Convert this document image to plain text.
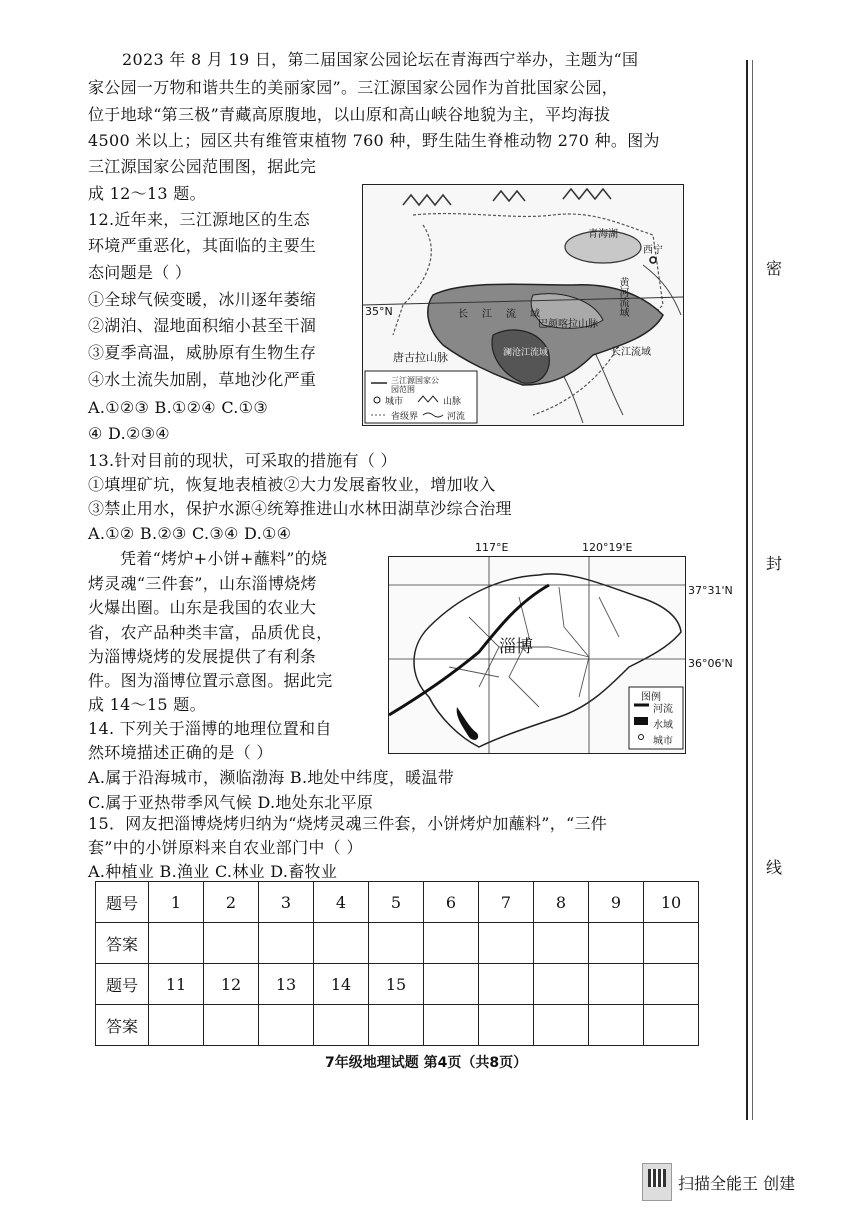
2023 年 8 月 19 日，第二届国家公园论坛在青海西宁举办，主题为“国
家公园一万物和谐共生的美丽家园”。三江源国家公园作为首批国家公园，
位于地球“第三极”青藏高原腹地，以山原和高山峡谷地貌为主，平均海拔
4500 米以上；园区共有维管束植物 760 种，野生陆生脊椎动物 270 种。图为
三江源国家公园范围图，据此完
成 12～13 题。
12.近年来，三江源地区的生态
环境严重恶化，其面临的主要生
态问题是（ ）
①全球气候变暖，冰川逐年萎缩
②湖泊、湿地面积缩小甚至干涸
③夏季高温，威胁原有生物生存
④水土流失加剧，草地沙化严重
A.①②③ B.①②④ C.①③
④ D.②③④
青海湖
西宁
35°N	黄河流域
长江流域
巴颜喀拉山脉
澜沧江流域	长江流域
唐古拉山脉
三江源国家公园范围
城市	山脉
省级界	河流
13.针对目前的现状，可采取的措施有（ ）
①填埋矿坑，恢复地表植被②大力发展畜牧业，增加收入
③禁止用水，保护水源④统筹推进山水林田湖草沙综合治理
A.①② B.②③ C.③④ D.①④
凭着“烤炉+小饼+蘸料”的烧
烤灵魂“三件套”，山东淄博烧烤
火爆出圈。山东是我国的农业大
省，农产品种类丰富，品质优良，
为淄博烧烤的发展提供了有利条
件。图为淄博位置示意图。据此完
成 14～15 题。
117°E	120°19'E
37°31'N
36°06'N
淄博
图例
河流
水域
城市
14. 下列关于淄博的地理位置和自
然环境描述正确的是（ ）
A.属于沿海城市，濒临渤海 B.地处中纬度，暖温带
C.属于亚热带季风气候 D.地处东北平原
15．网友把淄博烧烤归纳为“烧烤灵魂三件套，小饼烤炉加蘸料”，“三件
套”中的小饼原料来自农业部门中（ ）
A.种植业 B.渔业 C.林业 D.畜牧业
题号	1	2	3	4	5	6	7	8	9	10
答案										
题号	11	12	13	14	15					
答案										
7年级地理试题 第4页（共8页）
密
封
线
扫描全能王 创建
